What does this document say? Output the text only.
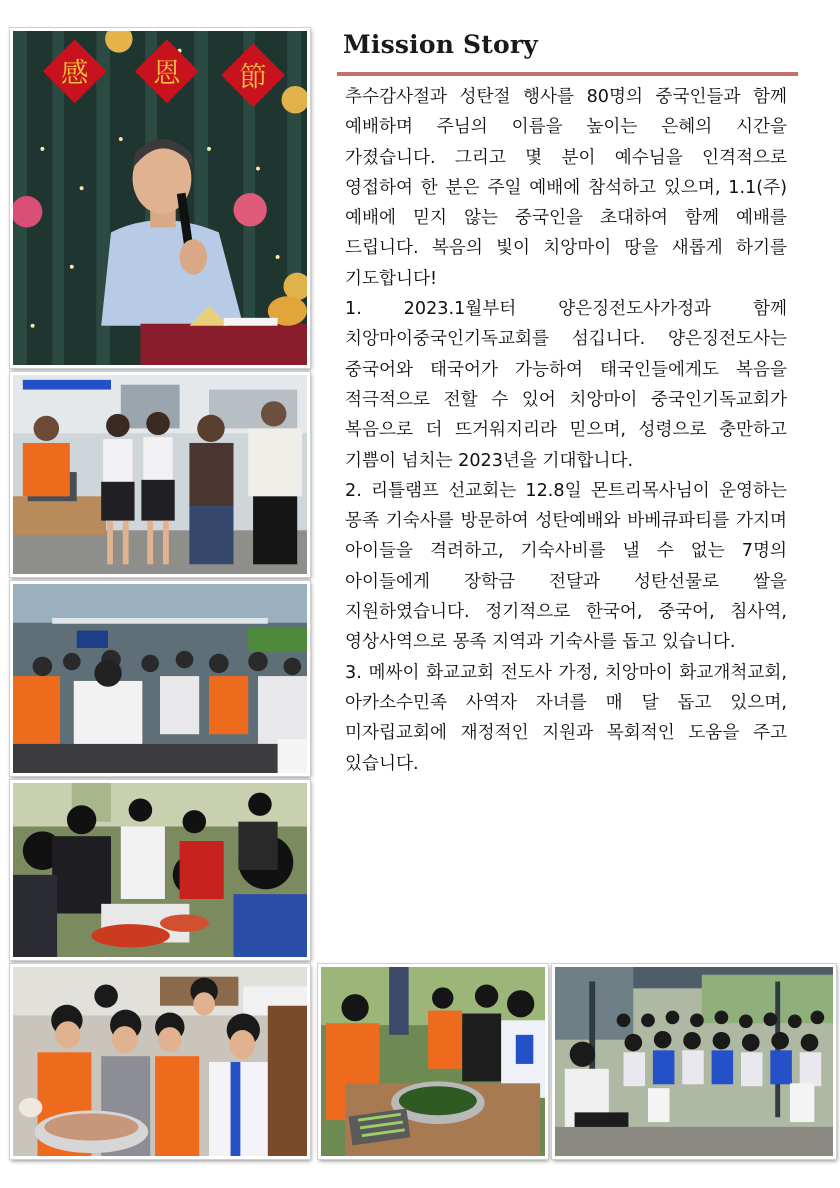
感 恩 節
Mission Story

추수감사절과 성탄절 행사를 80명의 중국인들과 함께 예배하며 주님의 이름을 높이는 은혜의 시간을 가졌습니다. 그리고 몇 분이 예수님을 인격적으로 영접하여 한 분은 주일 예배에 참석하고 있으며, 1.1(주) 예배에 믿지 않는 중국인을 초대하여 함께 예배를 드립니다. 복음의 빛이 치앙마이 땅을 새롭게 하기를 기도합니다!

1. 2023.1월부터 양은징전도사가정과 함께 치앙마이중국인기독교회를 섬깁니다. 양은징전도사는 중국어와 태국어가 가능하여 태국인들에게도 복음을 적극적으로 전할 수 있어 치앙마이 중국인기독교회가 복음으로 더 뜨거워지리라 믿으며, 성령으로 충만하고 기쁨이 넘치는 2023년을 기대합니다.

2. 리틀램프 선교회는 12.8일 몬트리목사님이 운영하는 몽족 기숙사를 방문하여 성탄예배와 바베큐파티를 가지며 아이들을 격려하고, 기숙사비를 낼 수 없는 7명의 아이들에게 장학금 전달과 성탄선물로 쌀을 지원하였습니다. 정기적으로 한국어, 중국어, 침사역, 영상사역으로 몽족 지역과 기숙사를 돕고 있습니다.

3. 메싸이 화교교회 전도사 가정, 치앙마이 화교개척교회,아카소수민족 사역자 자녀를 매 달 돕고 있으며, 미자립교회에 재정적인 지원과 목회적인 도움을 주고 있습니다.
